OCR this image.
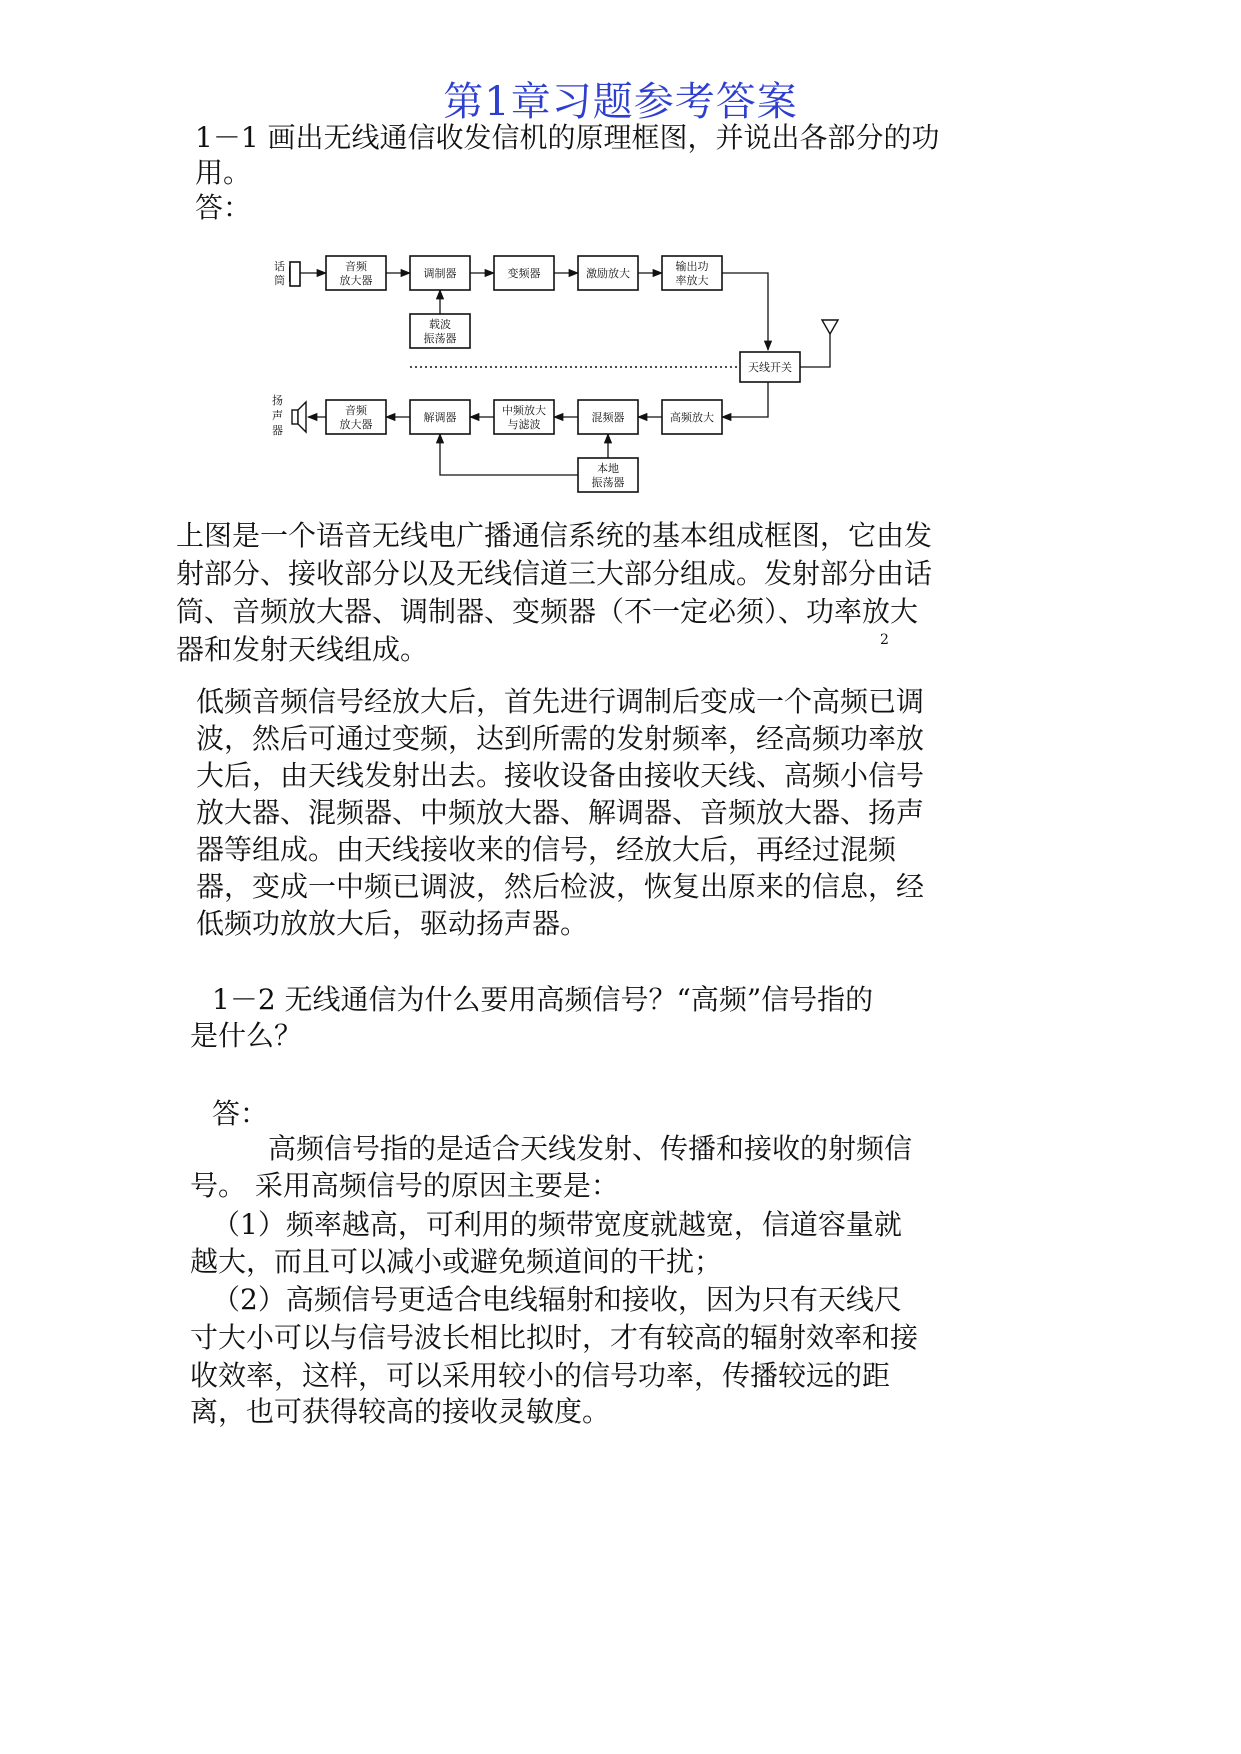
第1章习题参考答案
1－1 画出无线通信收发信机的原理框图，并说出各部分的功
用。
答：
话
筒
音频
放大器
调制器	变频器	激励放大
输出功
率放大
载波
振荡器
天线开关
高频放大
混频器
中频放大
与滤波
解调器
音频
放大器
本地
振荡器
扬
声
器
上图是一个语音无线电广播通信系统的基本组成框图，它由发
射部分、接收部分以及无线信道三大部分组成。发射部分由话
筒、音频放大器、调制器、变频器（不一定必须）、功率放大
器和发射天线组成。	2
低频音频信号经放大后，首先进行调制后变成一个高频已调
波，然后可通过变频，达到所需的发射频率，经高频功率放
大后，由天线发射出去。接收设备由接收天线、高频小信号
放大器、混频器、中频放大器、解调器、音频放大器、扬声
器等组成。由天线接收来的信号，经放大后，再经过混频
器，变成一中频已调波，然后检波，恢复出原来的信息，经
低频功放放大后，驱动扬声器。
1－2 无线通信为什么要用高频信号？“高频”信号指的
是什么？
答：
高频信号指的是适合天线发射、传播和接收的射频信
号。 采用高频信号的原因主要是：
（1）频率越高，可利用的频带宽度就越宽，信道容量就
越大，而且可以减小或避免频道间的干扰；
（2）高频信号更适合电线辐射和接收，因为只有天线尺
寸大小可以与信号波长相比拟时，才有较高的辐射效率和接
收效率，这样，可以采用较小的信号功率，传播较远的距
离，也可获得较高的接收灵敏度。
